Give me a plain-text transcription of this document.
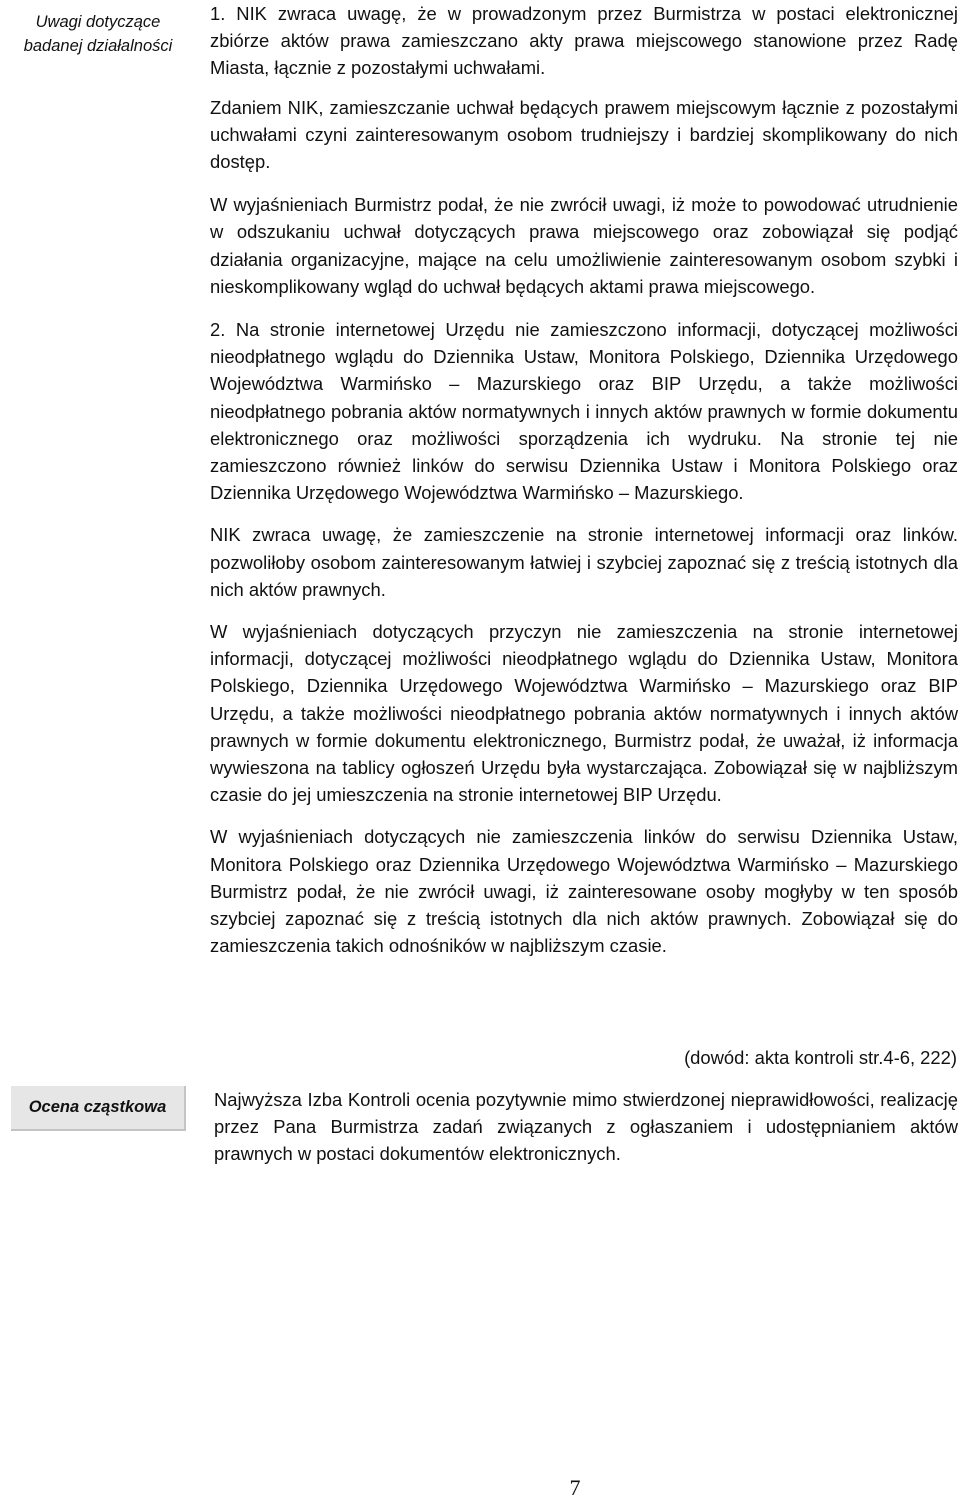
Uwagi dotyczące badanej działalności

1. NIK zwraca uwagę, że w prowadzonym przez Burmistrza w postaci elektronicznej zbiórze aktów prawa zamieszczano akty prawa miejscowego stanowione przez Radę Miasta, łącznie z pozostałymi uchwałami.

Zdaniem NIK, zamieszczanie uchwał będących prawem miejscowym łącznie z pozostałymi uchwałami czyni zainteresowanym osobom trudniejszy i bardziej skomplikowany do nich dostęp.

W wyjaśnieniach Burmistrz podał, że nie zwrócił uwagi, iż może to powodować utrudnienie w odszukaniu uchwał dotyczących prawa miejscowego oraz zobowiązał się podjąć działania organizacyjne, mające na celu umożliwienie zainteresowanym osobom szybki i nieskomplikowany wgląd do uchwał będących aktami prawa miejscowego.

2. Na stronie internetowej Urzędu nie zamieszczono informacji, dotyczącej możliwości nieodpłatnego wglądu do Dziennika Ustaw, Monitora Polskiego, Dziennika Urzędowego Województwa Warmińsko – Mazurskiego oraz BIP Urzędu, a także możliwości nieodpłatnego pobrania aktów normatywnych i innych aktów prawnych w formie dokumentu elektronicznego oraz możliwości sporządzenia ich wydruku. Na stronie tej nie zamieszczono również linków do serwisu Dziennika Ustaw i Monitora Polskiego oraz Dziennika Urzędowego Województwa Warmińsko – Mazurskiego.

NIK zwraca uwagę, że zamieszczenie na stronie internetowej informacji oraz linków. pozwoliłoby osobom zainteresowanym łatwiej i szybciej zapoznać się z treścią istotnych dla nich aktów prawnych.

W wyjaśnieniach dotyczących przyczyn nie zamieszczenia na stronie internetowej informacji, dotyczącej możliwości nieodpłatnego wglądu do Dziennika Ustaw, Monitora Polskiego, Dziennika Urzędowego Województwa Warmińsko – Mazurskiego oraz BIP Urzędu, a także możliwości nieodpłatnego pobrania aktów normatywnych i innych aktów prawnych w formie dokumentu elektronicznego, Burmistrz podał, że uważał, iż informacja wywieszona na tablicy ogłoszeń Urzędu była wystarczająca. Zobowiązał się w najbliższym czasie do jej umieszczenia na stronie internetowej BIP Urzędu.

W wyjaśnieniach dotyczących nie zamieszczenia linków do serwisu Dziennika Ustaw, Monitora Polskiego oraz Dziennika Urzędowego Województwa Warmińsko – Mazurskiego Burmistrz podał, że nie zwrócił uwagi, iż zainteresowane osoby mogłyby w ten sposób szybciej zapoznać się z treścią istotnych dla nich aktów prawnych. Zobowiązał się do zamieszczenia takich odnośników w najbliższym czasie.

(dowód: akta kontroli str.4-6, 222)
Ocena cząstkowa	Najwyższa Izba Kontroli ocenia pozytywnie mimo stwierdzonej nieprawidłowości, realizację przez Pana Burmistrza zadań związanych z ogłaszaniem i udostępnianiem aktów prawnych w postaci dokumentów elektronicznych.
7
